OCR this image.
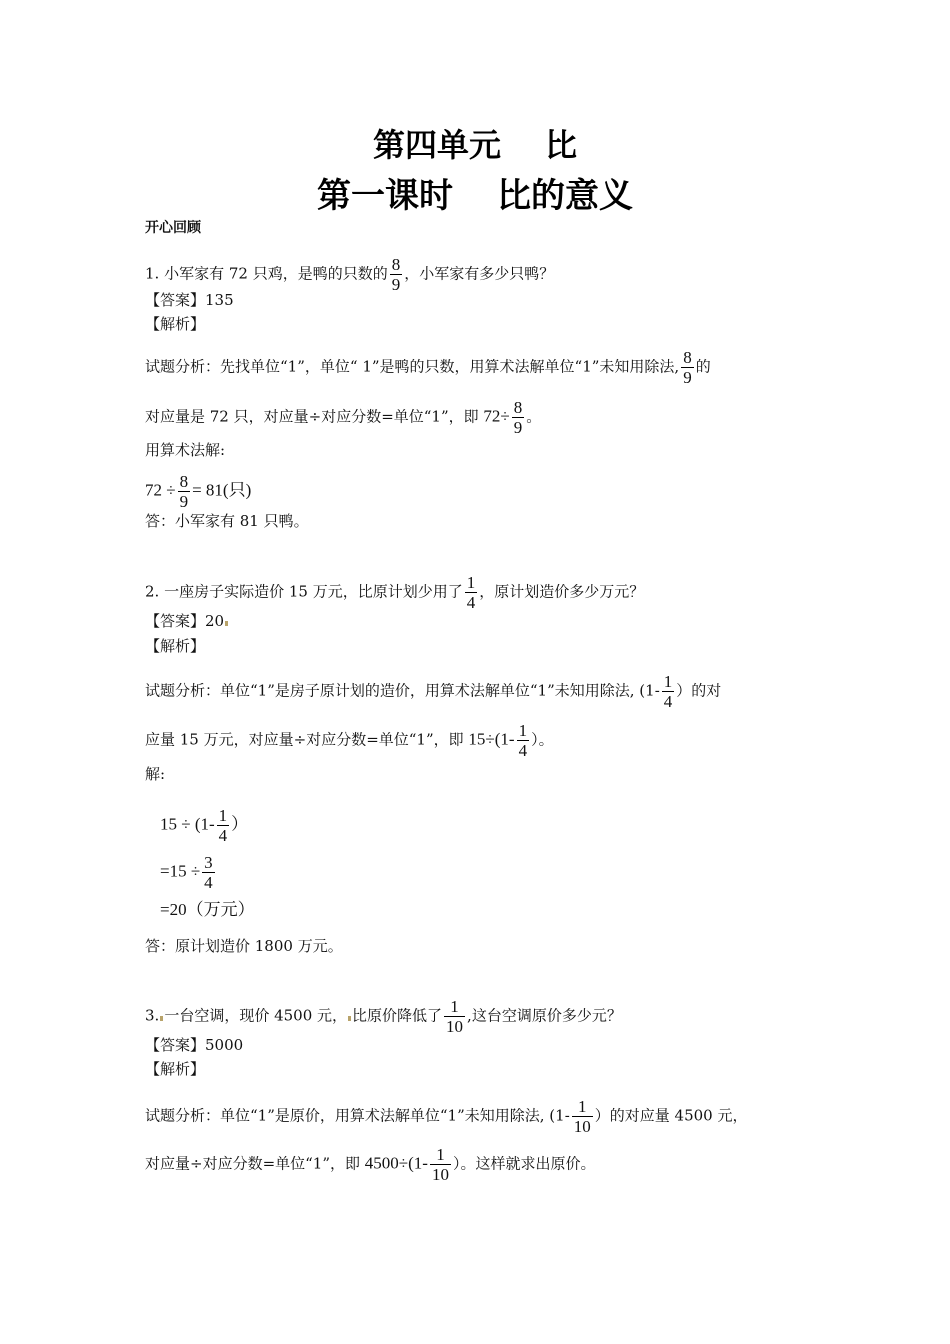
第四单元 比
第一课时 比的意义
开心回顾
1. 小军家有 72 只鸡，是鸭的只数的 $\frac{8}{9}$ ，小军家有多少只鸭？
【答案】135
【解析】
试题分析：先找单位“1”，单位“ 1”是鸭的只数，用算术法解单位“1”未知用除法, $\frac{8}{9}$ 的
对应量是 72 只，对应量÷对应分数=单位“1”，即 $72\div \frac{8}{9}$ 。
用算术法解:
$72 \div \frac{8}{9} = 81$(只)
答：小军家有 81 只鸭。
2. 一座房子实际造价 15 万元，比原计划少用了 $\frac{1}{4}$ ，原计划造价多少万元？
【答案】20
【解析】
试题分析：单位“1”是房子原计划的造价，用算术法解单位“1”未知用除法, ($1- \frac{1}{4}$ ）的对
应量 15 万元，对应量÷对应分数=单位“1”，即 $15\div(1- \frac{1}{4}$ ）。
解:
$15 \div (1- \frac{1}{4}$ ）
$=15 \div \frac{3}{4}$
=20（万元）
答：原计划造价 1800 万元。
3. 一台空调，现价 4500 元， 比原价降低了 $\frac{1}{10}$ ,这台空调原价多少元？
【答案】5000
【解析】
试题分析：单位“1”是原价，用算术法解单位“1”未知用除法, ($1- \frac{1}{10}$ ）的对应量 4500 元，
对应量÷对应分数=单位“1”，即 $4500\div(1- \frac{1}{10}$ ）。这样就求出原价。
